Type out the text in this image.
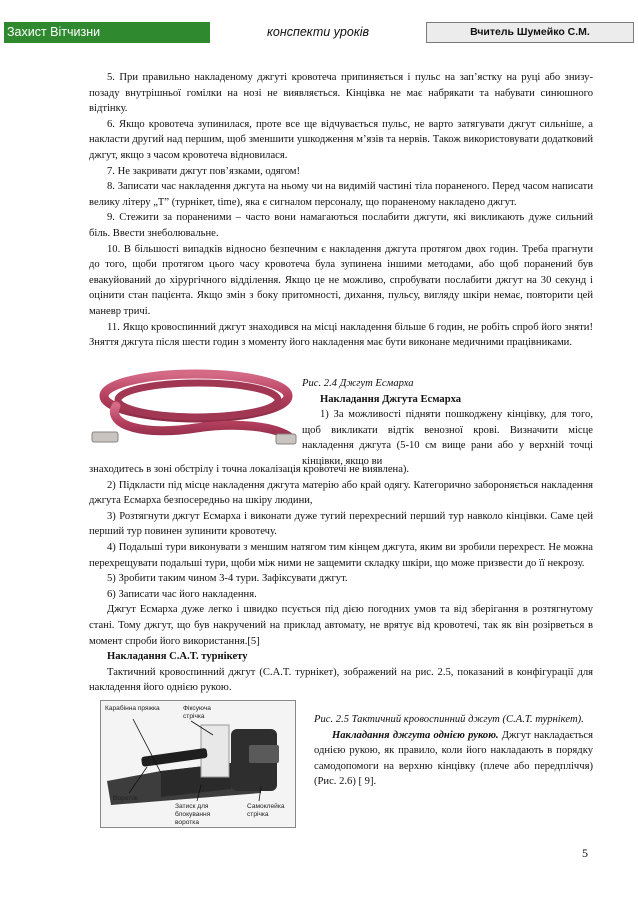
Захист Вітчизни	конспекти уроків	Вчитель Шумейко С.М.

5. При правильно накладеному джгуті кровотеча припиняється і пульс на зап’ястку на руці або знизу-позаду внутрішньої гомілки на нозі не виявляється. Кінцівка не має набрякати та набувати синюшного відтінку.

6. Якщо кровотеча зупинилася, проте все ще відчувається пульс, не варто затягувати джгут сильніше, а накласти другий над першим, щоб зменшити ушкодження м’язів та нервів. Також використовувати додатковий джгут, якщо з часом кровотеча відновилася.

7. Не закривати джгут пов’язками, одягом!

8. Записати час накладення джгута на ньому чи на видимій частині тіла пораненого. Перед часом написати велику літеру „T” (турнікет, time), яка є сигналом персоналу, що пораненому накладено джгут.

9. Стежити за пораненими – часто вони намагаються послабити джгути, які викликають дуже сильний біль. Ввести знеболювальне.

10. В більшості випадків відносно безпечним є накладення джгута протягом двох годин. Треба прагнути до того, щоби протягом цього часу кровотеча була зупинена іншими методами, або щоб поранений був евакуйований до хірургічного відділення. Якщо це не можливо, спробувати послабити джгут на 30 секунд і оцінити стан пацієнта. Якщо змін з боку притомності, дихання, пульсу, вигляду шкіри немає, повторити цей маневр тричі.

11. Якщо кровоспинний джгут знаходився на місці накладення більше 6 годин, не робіть спроб його зняти! Зняття джгута після шести годин з моменту його накладення має бути виконане медичними працівниками.

Рис. 2.4 Джгут Есмарха

Накладання Джгута Есмарха

1) За можливості підняти пошкоджену кінцівку, для того, щоб викликати відтік венозної крові. Визначити місце накладення джгута (5-10 см вище рани або у верхній точці кінцівки, якщо ви

знаходитесь в зоні обстрілу і точна локалізація кровотечі не виявлена).

2) Підкласти під місце накладення джгута матерію або край одягу. Категорично забороняється накладення джгута Есмарха безпосередньо на шкіру людини,

3) Розтягнути джгут Есмарха і виконати дуже тугий перехресний перший тур навколо кінцівки. Саме цей перший тур повинен зупинити кровотечу.

4) Подальші тури виконувати з меншим натягом тим кінцем джгута, яким ви зробили перехрест. Не можна перехрещувати подальші тури, щоби між ними не защемити складку шкіри, що може призвести до її некрозу.

5) Зробити таким чином 3-4 тури. Зафіксувати джгут.

6) Записати час його накладення.

Джгут Есмарха дуже легко і швидко псується під дією погодних умов та від зберігання в розтягнутому стані. Тому джгут, що був накручений на приклад автомату, не врятує від кровотечі, так як він розірветься в момент спроби його використання.[5]

Накладання C.A.T. турнікету

Тактичний кровоспинний джгут (C.A.T. турнікет), зображений на рис. 2.5, показаний в конфігурації для накладення його однією рукою.

Карабінна пряжка	Фіксуюча стрічка
Вороток
Затиск для блокування воротка
Самоклейка стрічка

Рис. 2.5 Тактичний кровоспинний джгут (C.A.T. турнікет).

Накладання джгута однією рукою. Джгут накладається однією рукою, як правило, коли його накладають в порядку самодопомоги на верхню кінцівку (плече або передпліччя) (Рис. 2.6) [ 9].

5
